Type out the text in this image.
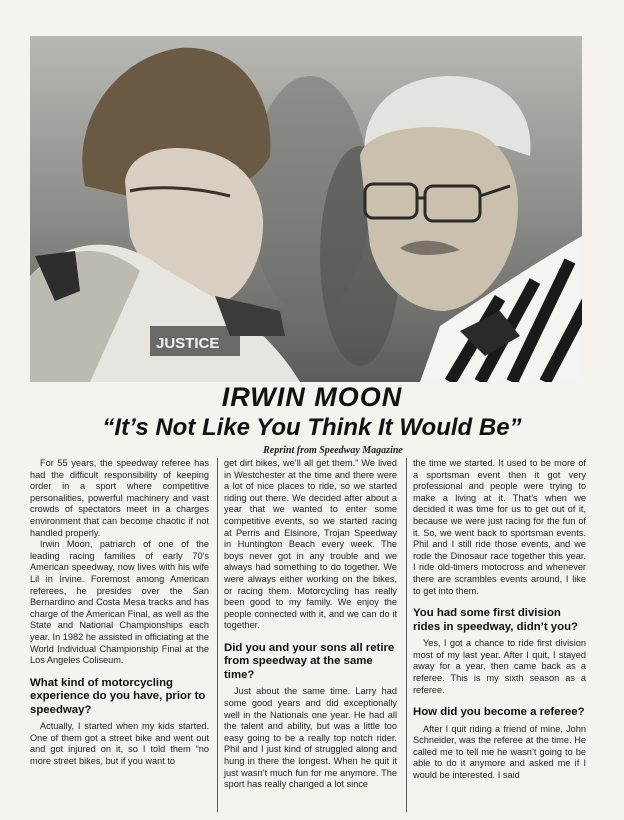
JUSTICE
IRWIN MOON
“It’s Not Like You Think It Would Be”
Reprint from Speedway Magazine

For 55 years, the speedway referee has had the difficult responsibility of keeping order in a sport where competitive personalities, powerful machinery and vast crowds of spectators meet in a charges environment that can become chaotic if not handled properly.

Irwin Moon, patriarch of one of the leading racing families of early 70's American speedway, now lives with his wife Lil in Irvine. Foremost among American referees, he presides over the San Bernardino and Costa Mesa tracks and has charge of the American Final, as well as the State and National Championships each year. In 1982 he assisted in officiating at the World Individual Championship Final at the Los Angeles Coliseum.

What kind of motorcycling experience do you have, prior to speedway?

Actually, I started when my kids started. One of them got a street bike and went out and got injured on it, so I told them “no more street bikes, but if you want to

get dirt bikes, we’ll all get them.” We lived in Westchester at the time and there were a lot of nice places to ride, so we started riding out there. We decided after about a year that we wanted to enter some competitive events, so we started racing at Perris and Elsinore, Trojan Speedway in Huntington Beach every week. The boys never got in any trouble and we always had something to do together. We were always either working on the bikes, or racing them. Motorcycling has really been good to my family. We enjoy the people connected with it, and we can do it together.

Did you and your sons all retire from speedway at the same time?

Just about the same time. Larry had some good years and did exceptionally well in the Nationals one year. He had all the talent and ability, but was a little too easy going to be a really top notch rider. Phil and I just kind of struggled along and hung in there the longest. When he quit it just wasn’t much fun for me anymore. The sport has really changed a lot since

the time we started. It used to be more of a sportsman event then it got very professional and people were trying to make a living at it. That’s when we decided it was time for us to get out of it, because we were just racing for the fun of it. So, we went back to sportsman events. Phil and I still ride those events, and we rode the Dinosaur race together this year. I ride old-timers motocross and whenever there are scrambles events around, I like to get into them.

You had some first division rides in speedway, didn’t you?

Yes, I got a chance to ride first division most of my last year. After I quit, I stayed away for a year, then came back as a referee. This is my sixth season as a referee.

How did you become a referee?

After I quit riding a friend of mine, John Schneider, was the referee at the time. He called me to tell me he wasn’t going to be able to do it anymore and asked me if I would be interested. I said
